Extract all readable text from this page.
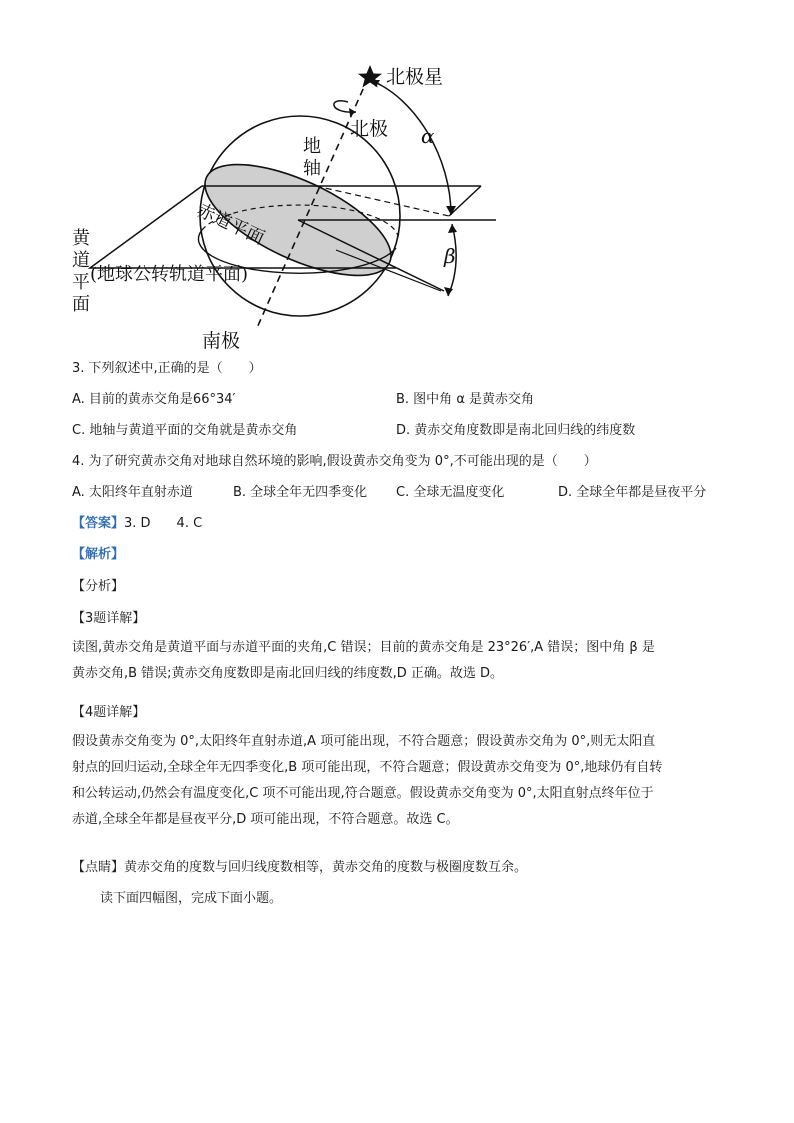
北极星
北极
地
轴
赤道平面
α
β
(地球公转轨道平面)
南极
黄
道
平
面
3. 下列叙述中,正确的是（　　）
A. 目前的黄赤交角是66°34′	B. 图中角 α 是黄赤交角
C. 地轴与黄道平面的交角就是黄赤交角	D. 黄赤交角度数即是南北回归线的纬度数
4. 为了研究黄赤交角对地球自然环境的影响,假设黄赤交角变为 0°,不可能出现的是（　　）
A. 太阳终年直射赤道	B. 全球全年无四季变化 C. 全球无温度变化	D. 全球全年都是昼夜平分
【答案】3. D　　4. C
【解析】
【分析】
【3题详解】
读图,黄赤交角是黄道平面与赤道平面的夹角,C 错误；目前的黄赤交角是 23°26′,A 错误；图中角 β 是
黄赤交角,B 错误;黄赤交角度数即是南北回归线的纬度数,D 正确。故选 D。
【4题详解】
假设黄赤交角变为 0°,太阳终年直射赤道,A 项可能出现，不符合题意；假设黄赤交角为 0°,则无太阳直
射点的回归运动,全球全年无四季变化,B 项可能出现，不符合题意；假设黄赤交角变为 0°,地球仍有自转
和公转运动,仍然会有温度变化,C 项不可能出现,符合题意。假设黄赤交角变为 0°,太阳直射点终年位于
赤道,全球全年都是昼夜平分,D 项可能出现，不符合题意。故选 C。
【点睛】黄赤交角的度数与回归线度数相等，黄赤交角的度数与极圈度数互余。
读下面四幅图，完成下面小题。
